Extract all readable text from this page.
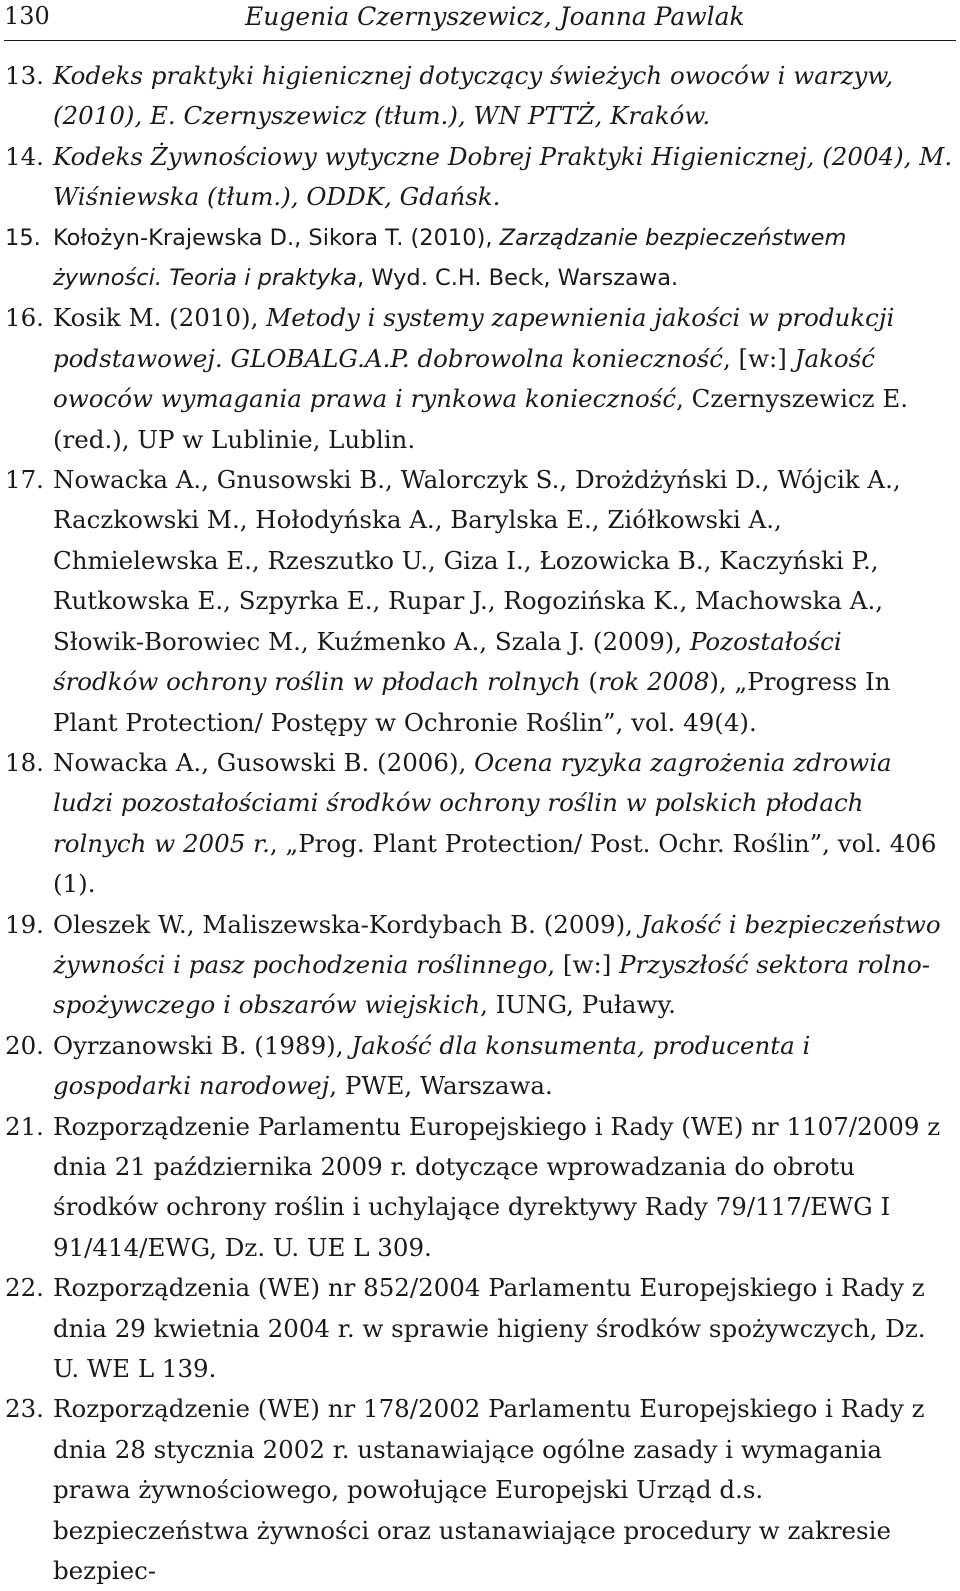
130	Eugenia Czernyszewicz, Joanna Pawlak
13. Kodeks praktyki higienicznej dotyczący świeżych owoców i warzyw, (2010), E. Czernyszewicz (tłum.), WN PTTŻ, Kraków.
14. Kodeks Żywnościowy wytyczne Dobrej Praktyki Higienicznej, (2004), M. Wiśniewska (tłum.), ODDK, Gdańsk.
15. Kołożyn-Krajewska D., Sikora T. (2010), Zarządzanie bezpieczeństwem żywności. Teoria i praktyka, Wyd. C.H. Beck, Warszawa.
16. Kosik M. (2010), Metody i systemy zapewnienia jakości w produkcji podstawowej. GLOBALG.A.P. dobrowolna konieczność, [w:] Jakość owoców wymagania prawa i rynkowa konieczność, Czernyszewicz E. (red.), UP w Lublinie, Lublin.
17. Nowacka A., Gnusowski B., Walorczyk S., Drożdżyński D., Wójcik A., Raczkowski M., Hołodyńska A., Barylska E., Ziółkowski A., Chmielewska E., Rzeszutko U., Giza I., Łozowicka B., Kaczyński P., Rutkowska E., Szpyrka E., Rupar J., Rogozińska K., Machowska A., Słowik-Borowiec M., Kuźmenko A., Szala J. (2009), Pozostałości środków ochrony roślin w płodach rolnych (rok 2008), „Progress In Plant Protection/ Postępy w Ochronie Roślin”, vol. 49(4).
18. Nowacka A., Gusowski B. (2006), Ocena ryzyka zagrożenia zdrowia ludzi pozostałościami środków ochrony roślin w polskich płodach rolnych w 2005 r., „Prog. Plant Protection/ Post. Ochr. Roślin”, vol. 406 (1).
19. Oleszek W., Maliszewska-Kordybach B. (2009), Jakość i bezpieczeństwo żywności i pasz pochodzenia roślinnego, [w:] Przyszłość sektora rolno-spożywczego i obszarów wiejskich, IUNG, Puławy.
20. Oyrzanowski B. (1989), Jakość dla konsumenta, producenta i gospodarki narodowej, PWE, Warszawa.
21. Rozporządzenie Parlamentu Europejskiego i Rady (WE) nr 1107/2009 z dnia 21 października 2009 r. dotyczące wprowadzania do obrotu środków ochrony roślin i uchylające dyrektywy Rady 79/117/EWG I 91/414/EWG, Dz. U. UE L 309.
22. Rozporządzenia (WE) nr 852/2004 Parlamentu Europejskiego i Rady z dnia 29 kwietnia 2004 r. w sprawie higieny środków spożywczych, Dz. U. WE L 139.
23. Rozporządzenie (WE) nr 178/2002 Parlamentu Europejskiego i Rady z dnia 28 stycznia 2002 r. ustanawiające ogólne zasady i wymagania prawa żywnościowego, powołujące Europejski Urząd d.s. bezpieczeństwa żywności oraz ustanawiające procedury w zakresie bezpiec-
